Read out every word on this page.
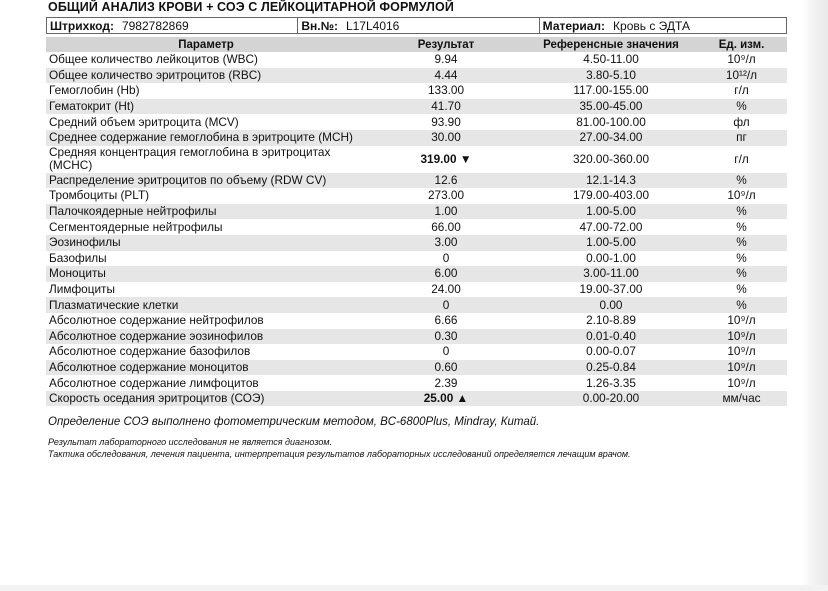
ОБЩИЙ АНАЛИЗ КРОВИ + СОЭ С ЛЕЙКОЦИТАРНОЙ ФОРМУЛОЙ
Штрихкод: 7982782869	Вн.№: L17L4016	Материал: Кровь с ЭДТА
Параметр	Результат	Референсные значения	Ед. изм.
Общее количество лейкоцитов (WBC)	9.94	4.50-11.00	10⁹/л
Общее количество эритроцитов (RBC)	4.44	3.80-5.10	10¹²/л
Гемоглобин (Hb)	133.00	117.00-155.00	г/л
Гематокрит (Ht)	41.70	35.00-45.00	%
Средний объем эритроцита (MCV)	93.90	81.00-100.00	фл
Среднее содержание гемоглобина в эритроците (MCH)	30.00	27.00-34.00	пг
Средняя концентрация гемоглобина в эритроцитах (MCHC)	319.00 ▼	320.00-360.00	г/л
Распределение эритроцитов по объему (RDW CV)	12.6	12.1-14.3	%
Тромбоциты (PLT)	273.00	179.00-403.00	10⁹/л
Палочкоядерные нейтрофилы	1.00	1.00-5.00	%
Сегментоядерные нейтрофилы	66.00	47.00-72.00	%
Эозинофилы	3.00	1.00-5.00	%
Базофилы	0	0.00-1.00	%
Моноциты	6.00	3.00-11.00	%
Лимфоциты	24.00	19.00-37.00	%
Плазматические клетки	0	0.00	%
Абсолютное содержание нейтрофилов	6.66	2.10-8.89	10⁹/л
Абсолютное содержание эозинофилов	0.30	0.01-0.40	10⁹/л
Абсолютное содержание базофилов	0	0.00-0.07	10⁹/л
Абсолютное содержание моноцитов	0.60	0.25-0.84	10⁹/л
Абсолютное содержание лимфоцитов	2.39	1.26-3.35	10⁹/л
Скорость оседания эритроцитов (СОЭ)	25.00 ▲	0.00-20.00	мм/час
Определение СОЭ выполнено фотометрическим методом, BC-6800Plus, Mindray, Китай.
Результат лабораторного исследования не является диагнозом.
Тактика обследования, лечения пациента, интерпретация результатов лабораторных исследований определяется лечащим врачом.
